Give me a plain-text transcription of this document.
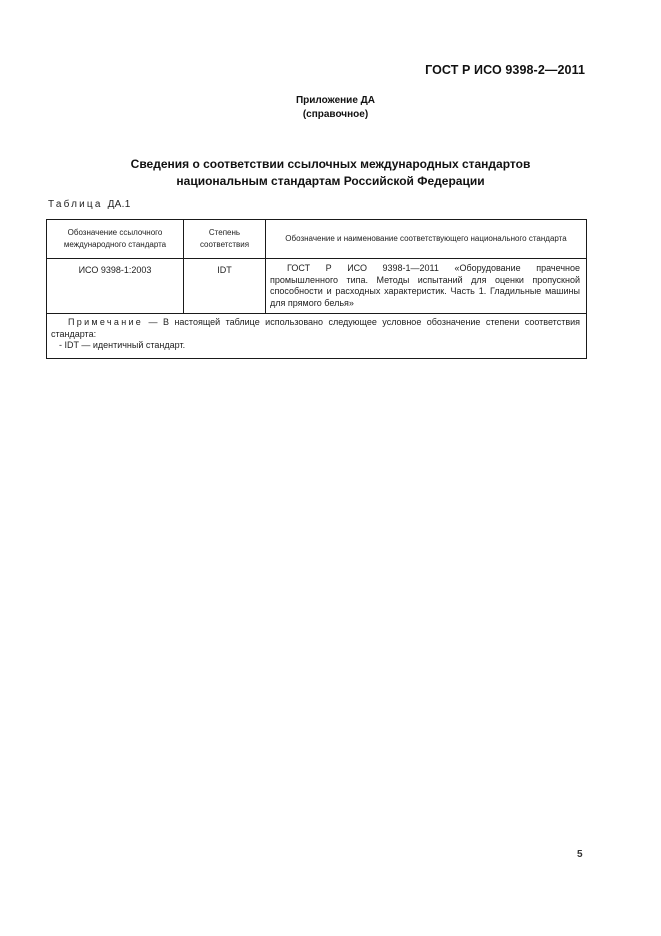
ГОСТ Р ИСО 9398-2—2011
Приложение ДА
(справочное)
Сведения о соответствии ссылочных международных стандартов
национальным стандартам Российской Федерации
Таблица ДА.1
Обозначение ссылочного международного стандарта	Степень соответствия	Обозначение и наименование соответствующего национального стандарта
ИСО 9398-1:2003	IDT	ГОСТ Р ИСО 9398-1—2011 «Оборудование прачечное промышленного типа. Методы испытаний для оценки пропускной способности и расходных характеристик. Часть 1. Гладильные машины для прямого белья»

Примечание — В настоящей таблице использовано следующее условное обозначение степени соответствия стандарта:
- IDT — идентичный стандарт.		
5
